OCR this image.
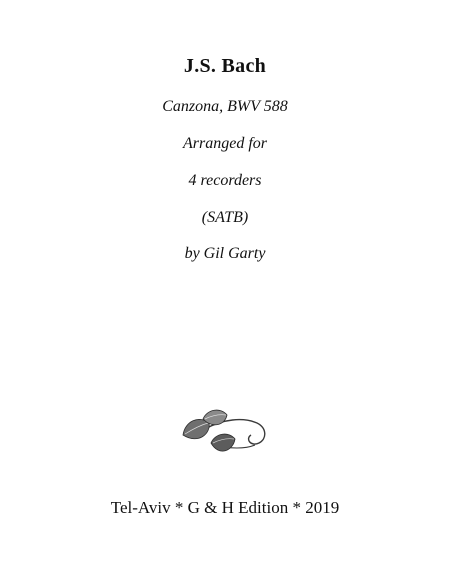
J.S. Bach
Canzona, BWV 588
Arranged for
4 recorders
(SATB)
by Gil Garty
Tel-Aviv * G & H Edition * 2019
